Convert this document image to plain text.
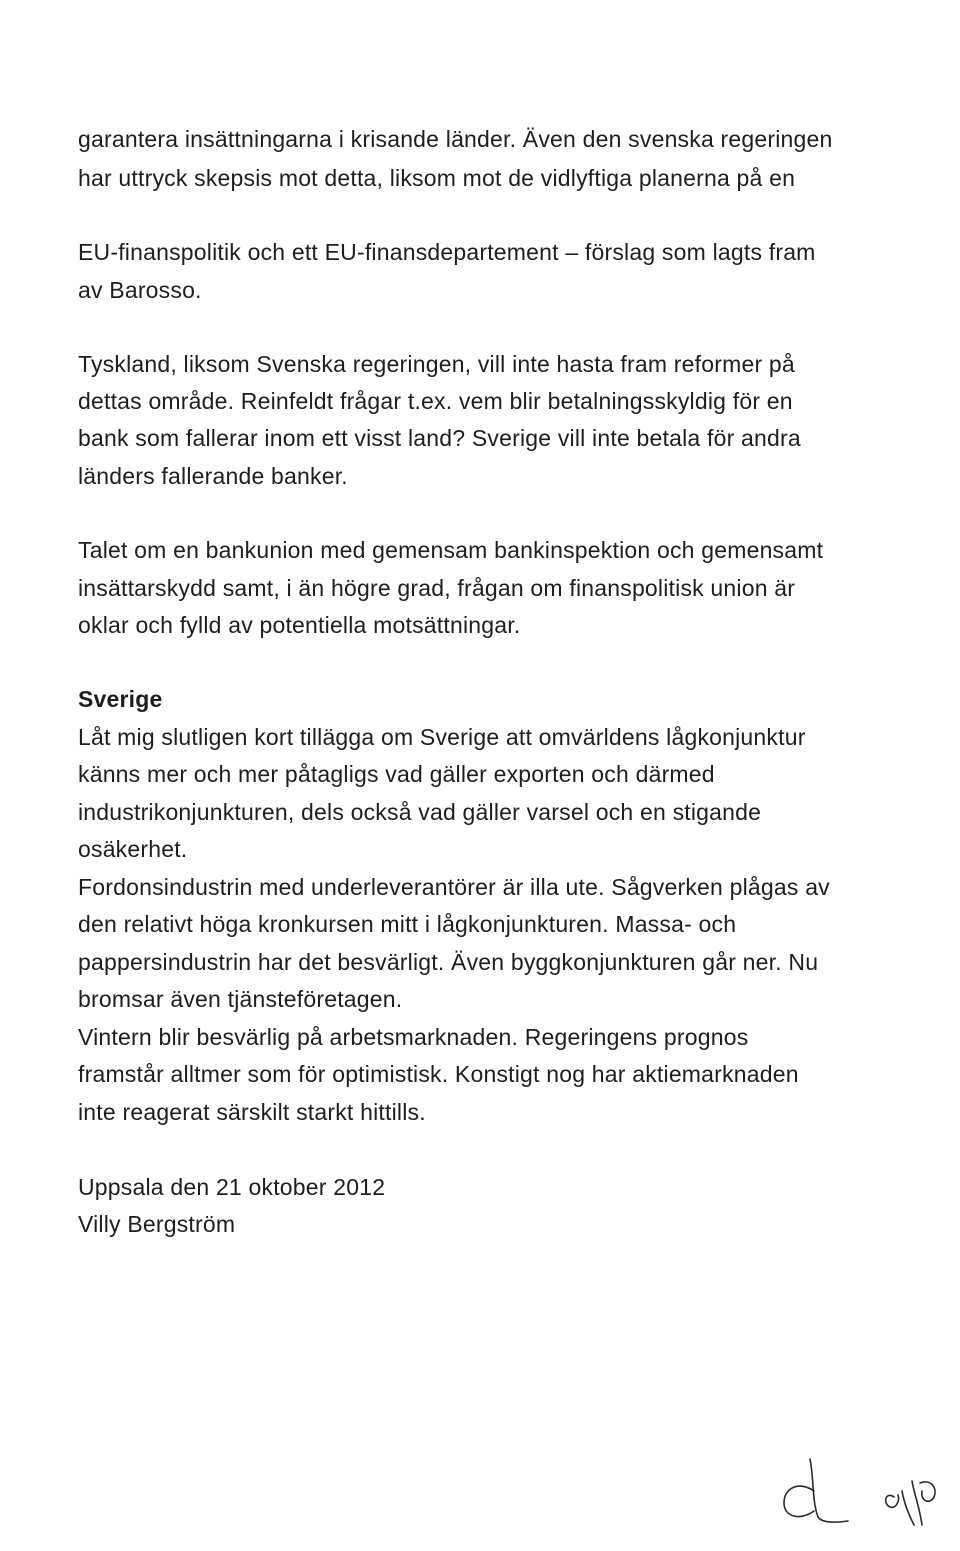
garantera insättningarna i krisande länder. Även den svenska regeringen

har uttryck skepsis mot detta, liksom mot de vidlyftiga planerna på en

EU-finanspolitik och ett EU-finansdepartement – förslag som lagts fram

av Barosso.

Tyskland, liksom Svenska regeringen, vill inte hasta fram reformer på

dettas område. Reinfeldt frågar t.ex. vem blir betalningsskyldig för en

bank som fallerar inom ett visst land? Sverige vill inte betala för andra

länders fallerande banker.

Talet om en bankunion med gemensam bankinspektion och gemensamt

insättarskydd samt, i än högre grad, frågan om finanspolitisk union är

oklar och fylld av potentiella motsättningar.

Sverige

Låt mig slutligen kort tillägga om Sverige att omvärldens lågkonjunktur

känns mer och mer påtagligs vad gäller exporten och därmed

industrikonjunkturen, dels också vad gäller varsel och en stigande

osäkerhet.

Fordonsindustrin med underleverantörer är illa ute. Sågverken plågas av

den relativt höga kronkursen mitt i lågkonjunkturen. Massa- och

pappersindustrin har det besvärligt. Även byggkonjunkturen går ner. Nu

bromsar även tjänsteföretagen.

Vintern blir besvärlig på arbetsmarknaden. Regeringens prognos

framstår alltmer som för optimistisk. Konstigt nog har aktiemarknaden

inte reagerat särskilt starkt hittills.

Uppsala den 21 oktober 2012

Villy Bergström
